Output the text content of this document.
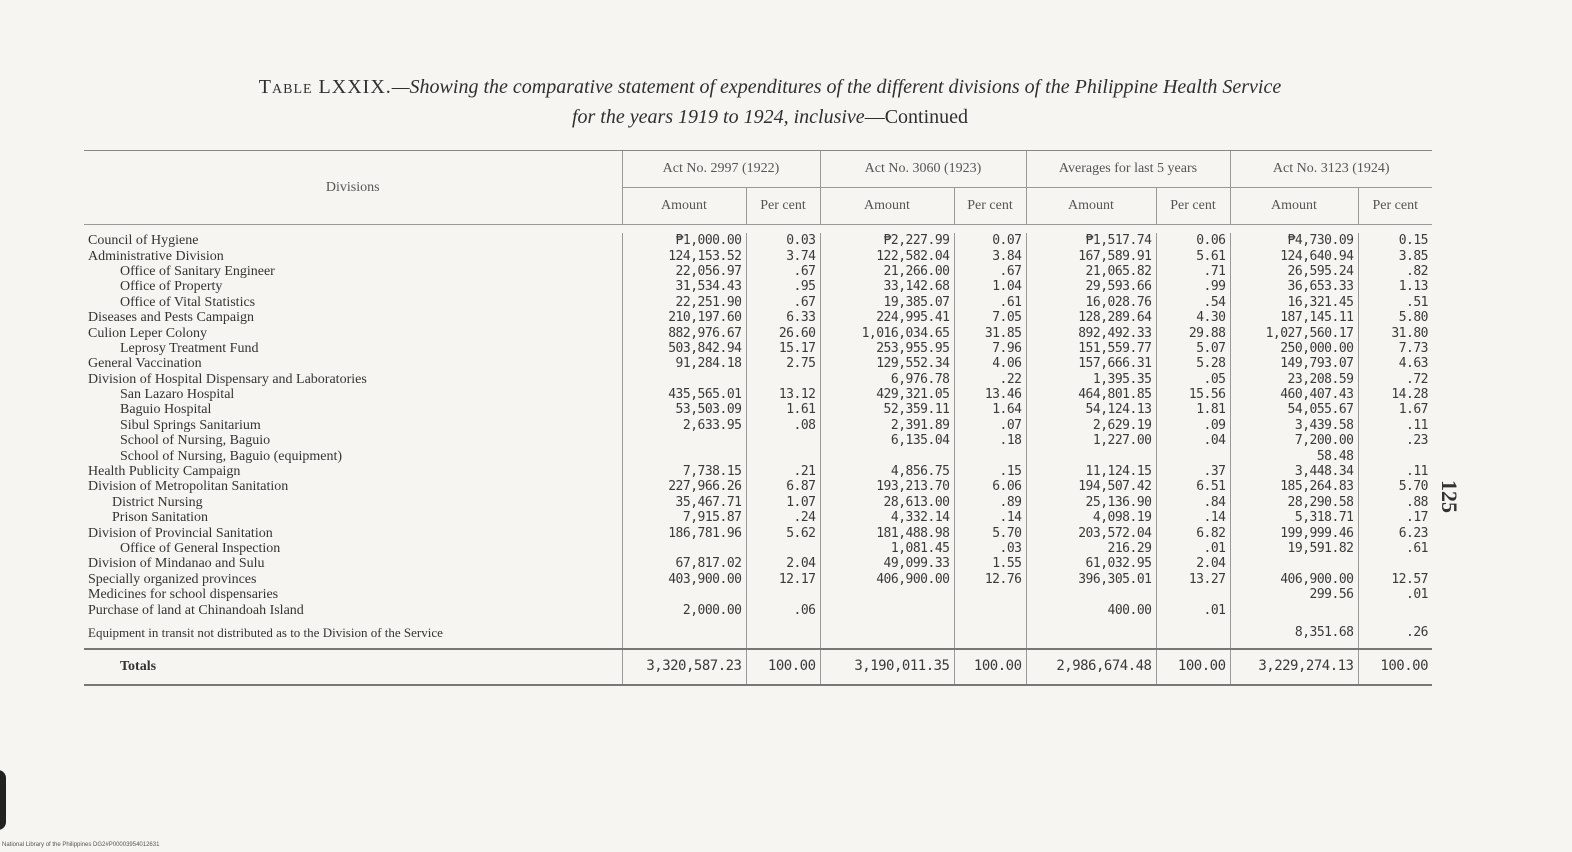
Table LXXIX.—Showing the comparative statement of expenditures of the different divisions of the Philippine Health Service
for the years 1919 to 1924, inclusive—Continued
Divisions	Act No. 2997 (1922)		Act No. 3060 (1923)		Averages for last 5 years		Act No. 3123 (1924)	
	Amount	Per cent	Amount	Per cent	Amount	Per cent	Amount	Per cent

Council of Hygiene	₱1,000.00	0.03	₱2,227.99	0.07	₱1,517.74	0.06	₱4,730.09	0.15
Administrative Division	124,153.52	3.74	122,582.04	3.84	167,589.91	5.61	124,640.94	3.85
Office of Sanitary Engineer	22,056.97	.67	21,266.00	.67	21,065.82	.71	26,595.24	.82
Office of Property	31,534.43	.95	33,142.68	1.04	29,593.66	.99	36,653.33	1.13
Office of Vital Statistics	22,251.90	.67	19,385.07	.61	16,028.76	.54	16,321.45	.51
Diseases and Pests Campaign	210,197.60	6.33	224,995.41	7.05	128,289.64	4.30	187,145.11	5.80
Culion Leper Colony	882,976.67	26.60	1,016,034.65	31.85	892,492.33	29.88	1,027,560.17	31.80
Leprosy Treatment Fund	503,842.94	15.17	253,955.95	7.96	151,559.77	5.07	250,000.00	7.73
General Vaccination	91,284.18	2.75	129,552.34	4.06	157,666.31	5.28	149,793.07	4.63
Division of Hospital Dispensary and Laboratories			6,976.78	.22	1,395.35	.05	23,208.59	.72
San Lazaro Hospital	435,565.01	13.12	429,321.05	13.46	464,801.85	15.56	460,407.43	14.28
Baguio Hospital	53,503.09	1.61	52,359.11	1.64	54,124.13	1.81	54,055.67	1.67
Sibul Springs Sanitarium	2,633.95	.08	2,391.89	.07	2,629.19	.09	3,439.58	.11
School of Nursing, Baguio			6,135.04	.18	1,227.00	.04	7,200.00	.23
School of Nursing, Baguio (equipment)							58.48	
Health Publicity Campaign	7,738.15	.21	4,856.75	.15	11,124.15	.37	3,448.34	.11
Division of Metropolitan Sanitation	227,966.26	6.87	193,213.70	6.06	194,507.42	6.51	185,264.83	5.70
District Nursing	35,467.71	1.07	28,613.00	.89	25,136.90	.84	28,290.58	.88
Prison Sanitation	7,915.87	.24	4,332.14	.14	4,098.19	.14	5,318.71	.17
Division of Provincial Sanitation	186,781.96	5.62	181,488.98	5.70	203,572.04	6.82	199,999.46	6.23
Office of General Inspection			1,081.45	.03	216.29	.01	19,591.82	.61
Division of Mindanao and Sulu	67,817.02	2.04	49,099.33	1.55	61,032.95	2.04		
Specially organized provinces	403,900.00	12.17	406,900.00	12.76	396,305.01	13.27	406,900.00	12.57
Medicines for school dispensaries							299.56	.01
Purchase of land at Chinandoah Island	2,000.00	.06			400.00	.01		
Equipment in transit not distributed as to the Division of the Service							8,351.68	.26
Totals	3,320,587.23	100.00	3,190,011.35	100.00	2,986,674.48	100.00	3,229,274.13	100.00
125
National Library of the Philippines DG2#P00003954012631
